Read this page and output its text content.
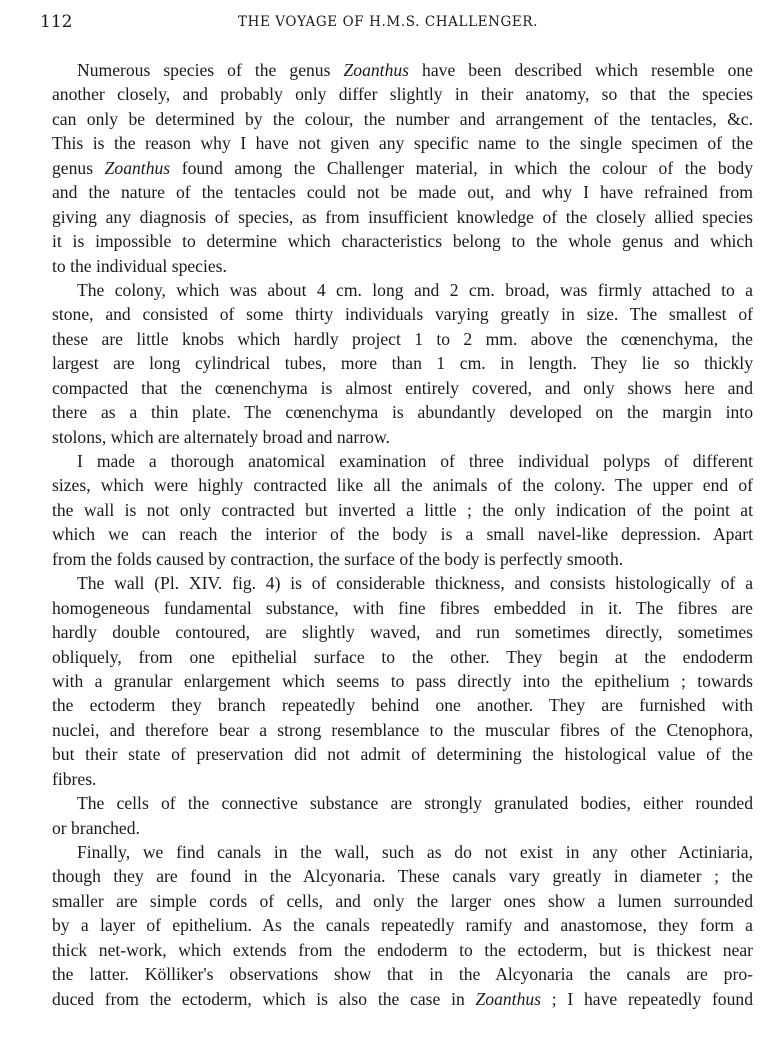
112	THE VOYAGE OF H.M.S. CHALLENGER.
Numerous species of the genus Zoanthus have been described which resemble one
another closely, and probably only differ slightly in their anatomy, so that the species
can only be determined by the colour, the number and arrangement of the tentacles, &c.
This is the reason why I have not given any specific name to the single specimen of the
genus Zoanthus found among the Challenger material, in which the colour of the body
and the nature of the tentacles could not be made out, and why I have refrained from
giving any diagnosis of species, as from insufficient knowledge of the closely allied species
it is impossible to determine which characteristics belong to the whole genus and which
to the individual species.
The colony, which was about 4 cm. long and 2 cm. broad, was firmly attached to a
stone, and consisted of some thirty individuals varying greatly in size. The smallest of
these are little knobs which hardly project 1 to 2 mm. above the cœnenchyma, the
largest are long cylindrical tubes, more than 1 cm. in length. They lie so thickly
compacted that the cœnenchyma is almost entirely covered, and only shows here and
there as a thin plate. The cœnenchyma is abundantly developed on the margin into
stolons, which are alternately broad and narrow.
I made a thorough anatomical examination of three individual polyps of different
sizes, which were highly contracted like all the animals of the colony. The upper end of
the wall is not only contracted but inverted a little ; the only indication of the point at
which we can reach the interior of the body is a small navel-like depression. Apart
from the folds caused by contraction, the surface of the body is perfectly smooth.
The wall (Pl. XIV. fig. 4) is of considerable thickness, and consists histologically of a
homogeneous fundamental substance, with fine fibres embedded in it. The fibres are
hardly double contoured, are slightly waved, and run sometimes directly, sometimes
obliquely, from one epithelial surface to the other. They begin at the endoderm
with a granular enlargement which seems to pass directly into the epithelium ; towards
the ectoderm they branch repeatedly behind one another. They are furnished with
nuclei, and therefore bear a strong resemblance to the muscular fibres of the Ctenophora,
but their state of preservation did not admit of determining the histological value of the
fibres.
The cells of the connective substance are strongly granulated bodies, either rounded
or branched.
Finally, we find canals in the wall, such as do not exist in any other Actiniaria,
though they are found in the Alcyonaria. These canals vary greatly in diameter ; the
smaller are simple cords of cells, and only the larger ones show a lumen surrounded
by a layer of epithelium. As the canals repeatedly ramify and anastomose, they form a
thick net-work, which extends from the endoderm to the ectoderm, but is thickest near
the latter. Kölliker's observations show that in the Alcyonaria the canals are pro-
duced from the ectoderm, which is also the case in Zoanthus ; I have repeatedly found
